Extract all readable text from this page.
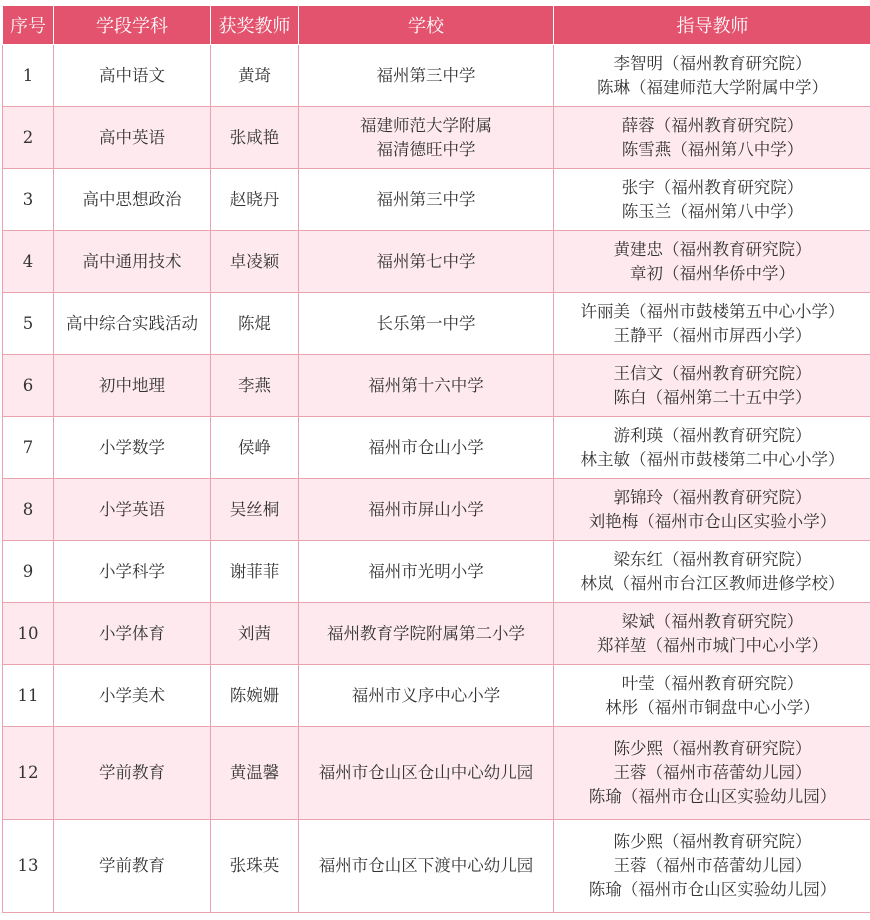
序号	学段学科	获奖教师	学校	指导教师
1	高中语文	黄琦	福州第三中学	李智明（福州教育研究院）
陈琳（福建师范大学附属中学）

2	高中英语	张咸艳	福建师范大学附属
福清德旺中学	薛蓉（福州教育研究院）
陈雪燕（福州第八中学）

3	高中思想政治	赵晓丹	福州第三中学	张宇（福州教育研究院）
陈玉兰（福州第八中学）

4	高中通用技术	卓凌颖	福州第七中学	黄建忠（福州教育研究院）
章初（福州华侨中学）

5	高中综合实践活动	陈焜	长乐第一中学	许丽美（福州市鼓楼第五中心小学）
王静平（福州市屏西小学）

6	初中地理	李燕	福州第十六中学	王信文（福州教育研究院）
陈白（福州第二十五中学）

7	小学数学	侯峥	福州市仓山小学	游利瑛（福州教育研究院）
林主敏（福州市鼓楼第二中心小学）

8	小学英语	吴丝桐	福州市屏山小学	郭锦玲（福州教育研究院）
刘艳梅（福州市仓山区实验小学）

9	小学科学	谢菲菲	福州市光明小学	梁东红（福州教育研究院）
林岚（福州市台江区教师进修学校）

10	小学体育	刘茜	福州教育学院附属第二小学	梁斌（福州教育研究院）
郑祥堃（福州市城门中心小学）

11	小学美术	陈婉姗	福州市义序中心小学	叶莹（福州教育研究院）
林彤（福州市铜盘中心小学）

12	学前教育	黄温馨	福州市仓山区仓山中心幼儿园	陈少熙（福州教育研究院）
王蓉（福州市蓓蕾幼儿园）
陈瑜（福州市仓山区实验幼儿园）

13	学前教育	张珠英	福州市仓山区下渡中心幼儿园	陈少熙（福州教育研究院）
王蓉（福州市蓓蕾幼儿园）
陈瑜（福州市仓山区实验幼儿园）
